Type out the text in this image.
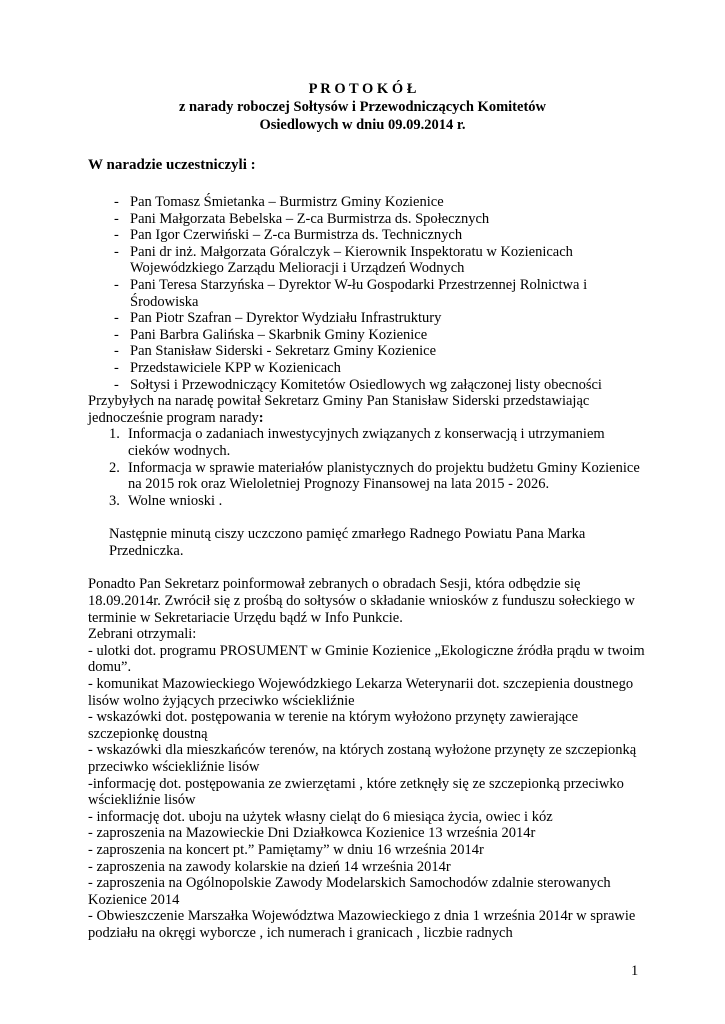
P R O T O K Ó Ł
z narady roboczej Sołtysów i Przewodniczących Komitetów
Osiedlowych w dniu 09.09.2014 r.
W naradzie uczestniczyli :
- Pan Tomasz Śmietanka – Burmistrz Gminy Kozienice
- Pani Małgorzata Bebelska – Z-ca Burmistrza ds. Społecznych
- Pan Igor Czerwiński – Z-ca Burmistrza ds. Technicznych
- Pani dr inż. Małgorzata Góralczyk – Kierownik Inspektoratu w Kozienicach Wojewódzkiego Zarządu Melioracji i Urządzeń Wodnych
- Pani Teresa Starzyńska – Dyrektor W-łu Gospodarki Przestrzennej Rolnictwa i Środowiska
- Pan Piotr Szafran – Dyrektor Wydziału Infrastruktury
- Pani Barbra Galińska – Skarbnik Gminy Kozienice
- Pan Stanisław Siderski - Sekretarz Gminy Kozienice
- Przedstawiciele KPP w Kozienicach
- Sołtysi i Przewodniczący Komitetów Osiedlowych wg załączonej listy obecności
Przybyłych na naradę powitał Sekretarz Gminy Pan Stanisław Siderski przedstawiając jednocześnie program narady:
1. Informacja o zadaniach inwestycyjnych związanych z konserwacją i utrzymaniem cieków wodnych.
2. Informacja w sprawie materiałów planistycznych do projektu budżetu Gminy Kozienice na 2015 rok oraz Wieloletniej Prognozy Finansowej na lata 2015 - 2026.
3. Wolne wnioski .
Następnie minutą ciszy uczczono pamięć zmarłego Radnego Powiatu Pana Marka Przedniczka.
Ponadto Pan Sekretarz poinformował zebranych o obradach Sesji, która odbędzie się 18.09.2014r. Zwrócił się z prośbą do sołtysów o składanie wniosków z funduszu sołeckiego w terminie w Sekretariacie Urzędu bądź w Info Punkcie.
Zebrani otrzymali:
- ulotki dot. programu PROSUMENT w Gminie Kozienice „Ekologiczne źródła prądu w twoim domu”.
- komunikat Mazowieckiego Wojewódzkiego Lekarza Weterynarii dot. szczepienia doustnego lisów wolno żyjących przeciwko wściekliźnie
- wskazówki dot. postępowania w terenie na którym wyłożono przynęty zawierające szczepionkę doustną
- wskazówki dla mieszkańców terenów, na których zostaną wyłożone przynęty ze szczepionką przeciwko wściekliźnie lisów
-informację dot. postępowania ze zwierzętami , które zetknęły się ze szczepionką przeciwko wściekliźnie lisów
- informację dot. uboju na użytek własny cieląt do 6 miesiąca życia, owiec i kóz
- zaproszenia na Mazowieckie Dni Działkowca Kozienice 13 września 2014r
- zaproszenia na koncert pt.” Pamiętamy” w dniu 16 września 2014r
- zaproszenia na zawody kolarskie na dzień 14 września 2014r
- zaproszenia na Ogólnopolskie Zawody Modelarskich Samochodów zdalnie sterowanych Kozienice 2014
- Obwieszczenie Marszałka Województwa Mazowieckiego z dnia 1 września 2014r w sprawie podziału na okręgi wyborcze , ich numerach i granicach , liczbie radnych
1
